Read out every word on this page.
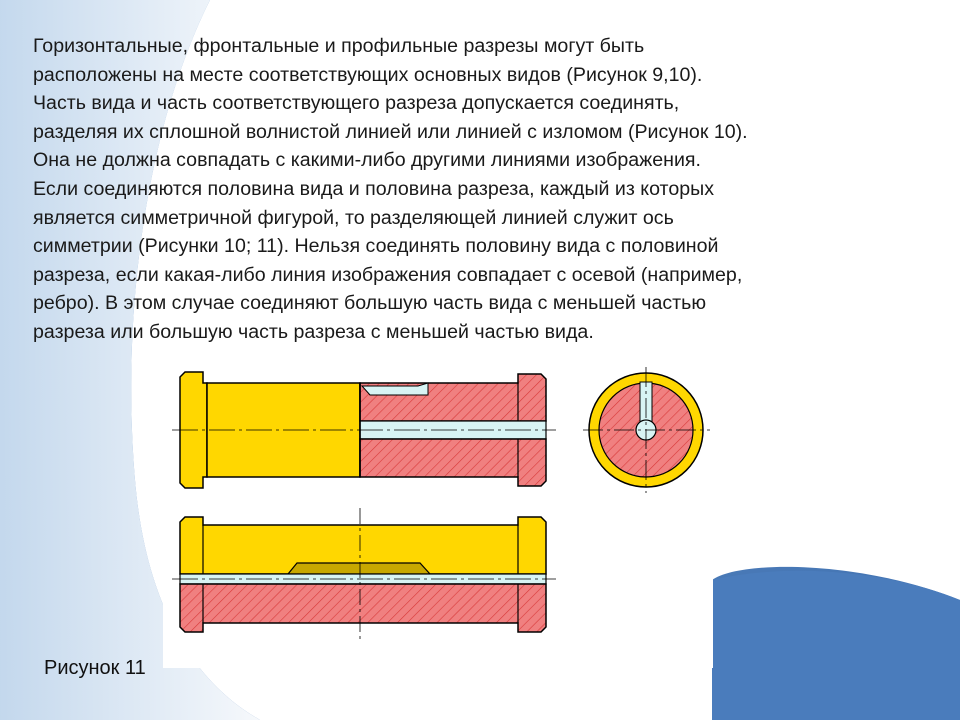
Горизонтальные, фронтальные и профильные разрезы могут быть
расположены на месте соответствующих основных видов (Рисунок 9,10).
Часть вида и часть соответствующего разреза допускается соединять,
разделяя их сплошной волнистой линией или линией с изломом (Рисунок 10).
Она не должна совпадать с какими-либо другими линиями изображения.
Если соединяются половина вида и половина разреза, каждый из которых
является симметричной фигурой, то разделяющей линией служит ось
симметрии (Рисунки 10; 11). Нельзя соединять половину вида с половиной
разреза, если какая-либо линия изображения совпадает с осевой (например,
ребро). В этом случае соединяют большую часть вида с меньшей частью
разреза или большую часть разреза с меньшей частью вида.
Рисунок 11
